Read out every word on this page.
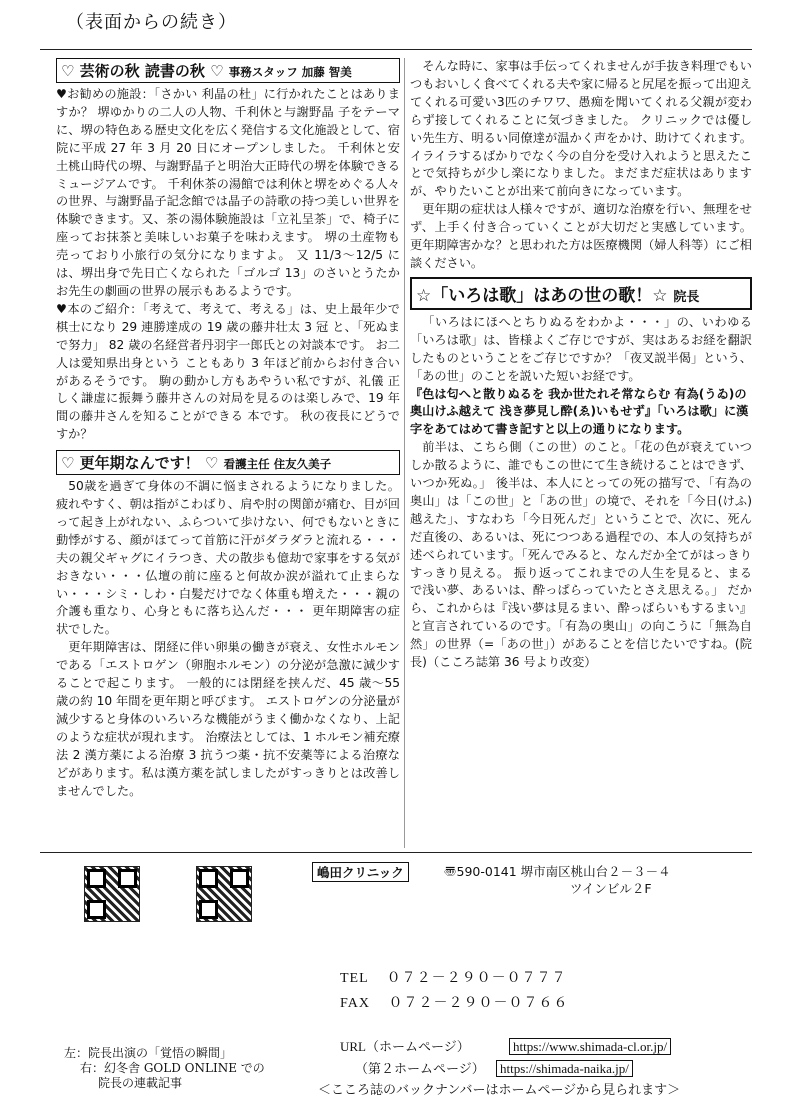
（表面からの続き）
♡ 芸術の秋 読書の秋 ♡ 事務スタッフ 加藤 智美

♥お勧めの施設：「さかい 利晶の杜」に行かれたことはありますか？ 堺ゆかりの二人の人物、千利休と与謝野晶 子をテーマに、堺の特色ある歴史文化を広く発信する文化施設として、宿院に平成 27 年 3 月 20 日にオープンしました。 千利休と安土桃山時代の堺、与謝野晶子と明治大正時代の堺を体験できるミュージアムです。 千利休茶の湯館では利休と堺をめぐる人々の世界、与謝野晶子記念館では晶子の詩歌の持つ美しい世界を体験できます。又、茶の湯体験施設は「立礼呈茶」で、椅子に座ってお抹茶と美味しいお菓子を味わえます。 堺の土産物も売っており小旅行の気分になりますよ。 又 11/3～12/5 には、堺出身で先日亡くなられた「ゴルゴ 13」のさいとうたかお先生の劇画の世界の展示もあるようです。

♥本のご紹介：「考えて、考えて、考える」は、史上最年少で棋士になり 29 連勝達成の 19 歳の藤井壮太 3 冠 と、「死ぬまで努力」 82 歳の名経営者丹羽宇一郎氏との対談本です。 お二人は愛知県出身という こともあり 3 年ほど前からお付き合いがあるそうです。 駒の動かし方もあやうい私ですが、礼儀 正しく謙虚に振舞う藤井さんの対局を見るのは楽しみで、19 年間の藤井さんを知ることができる 本です。 秋の夜長にどうですか？

♡ 更年期なんです！ ♡ 看護主任 住友久美子

50歳を過ぎて身体の不調に悩まされるようになりました。 疲れやすく、朝は指がこわばり、肩や肘の関節が痛む、目が回って起き上がれない、ふらついて歩けない、何でもないときに動悸がする、顔がほてって首筋に汗がダラダラと流れる・・・夫の親父ギャグにイラつき、犬の散歩も億劫で家事をする気がおきない・・・仏壇の前に座ると何故か涙が溢れて止まらない・・・シミ・しわ・白髪だけでなく体重も増えた・・・親の介護も重なり、心身ともに落ち込んだ・・・ 更年期障害の症状でした。

更年期障害は、閉経に伴い卵巣の働きが衰え、女性ホルモンである「エストロゲン（卵胞ホルモン）の分泌が急激に減少することで起こります。 一般的には閉経を挟んだ、45 歳～55 歳の約 10 年間を更年期と呼びます。 エストロゲンの分泌量が減少すると身体のいろいろな機能がうまく働かなくなり、上記のような症状が現れます。 治療法としては、1 ホルモン補充療法 2 漢方薬による治療 3 抗うつ薬・抗不安薬等による治療などがあります。私は漢方薬を試しましたがすっきりとは改善しませんでした。

そんな時に、家事は手伝ってくれませんが手抜き料理でもいつもおいしく食べてくれる夫や家に帰ると尻尾を振って出迎えてくれる可愛い3匹のチワワ、愚痴を聞いてくれる父親が変わらず接してくれることに気づきました。 クリニックでは優しい先生方、明るい同僚達が温かく声をかけ、助けてくれます。 イライラするばかりでなく今の自分を受け入れようと思えたことで気持ちが少し楽になりました。まだまだ症状はありますが、やりたいことが出来て前向きになっています。

更年期の症状は人様々ですが、適切な治療を行い、無理をせず、上手く付き合っていくことが大切だと実感しています。 更年期障害かな？と思われた方は医療機関（婦人科等）にご相談ください。

☆「いろは歌」はあの世の歌！☆ 院長

「いろはにほへとちりぬるをわかよ・・・」の、いわゆる「いろは歌」は、皆様よくご存じですが、実はあるお経を翻訳したものということをご存じですか？「夜叉説半偈」という、「あの世」のことを説いた短いお経です。

『色は匂へと散りぬるを 我か世たれそ常ならむ 有為(うゐ)の奥山けふ越えて 浅き夢見し酔(ゑ)いもせず』「いろは歌」に漢字をあてはめて書き記すと以上の通りになります。

前半は、こちら側（この世）のこと。「花の色が衰えていつしか散るように、誰でもこの世にて生き続けることはできず、いつか死ぬ。」 後半は、本人にとっての死の描写で、「有為の奥山」は「この世」と「あの世」の境で、それを「今日(けふ)越えた」、すなわち「今日死んだ」ということで、次に、死んだ直後の、あるいは、死につつある過程での、本人の気持ちが述べられています。「死んでみると、なんだか全てがはっきりすっきり見える。 振り返ってこれまでの人生を見ると、まるで浅い夢、あるいは、酔っぱらっていたとさえ思える。」 だから、これからは『浅い夢は見るまい、酔っぱらいもするまい』と宣言されているのです。「有為の奥山」の向こうに「無為自然」の世界（=「あの世」）があることを信じたいですね。(院長)（こころ誌第 36 号より改変）

左：院長出演の「覚悟の瞬間」
右：幻冬舎 GOLD ONLINE での
院長の連載記事
嶋田クリニック	〠590-0141 堺市南区桃山台２－３－４
ツインビル２F
TEL ０７２－２９０－０７７７
FAX ０７２－２９０－０７６６
URL（ホームページ）	https://www.shimada-cl.or.jp/
（第２ホームページ） https://shimada-naika.jp/
＜こころ誌のバックナンバーはホームページから見られます＞
